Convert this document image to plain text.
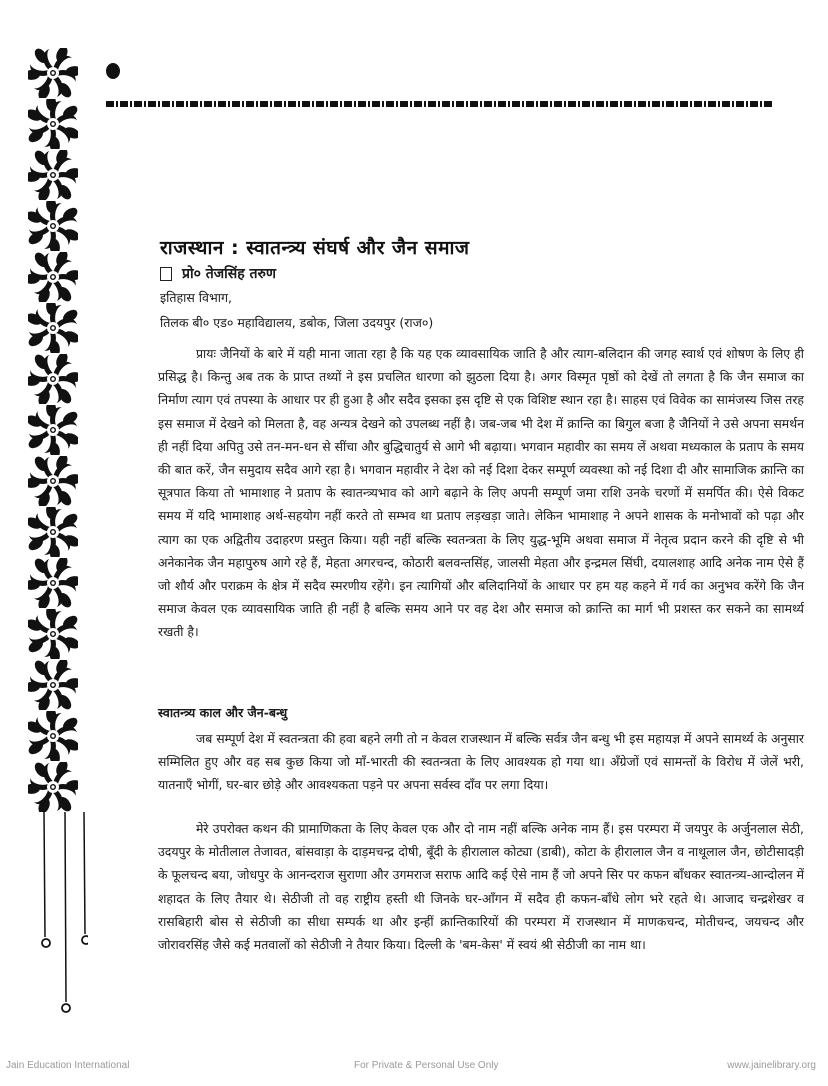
राजस्थान : स्वातन्त्र्य संघर्ष और जैन समाज
प्रो० तेजसिंह तरुण
इतिहास विभाग,
तिलक बी० एड० महाविद्यालय, डबोक, जिला उदयपुर (राज०)

प्रायः जैनियों के बारे में यही माना जाता रहा है कि यह एक व्यावसायिक जाति है और त्याग-बलिदान की जगह स्वार्थ एवं शोषण के लिए ही प्रसिद्ध है। किन्तु अब तक के प्राप्त तथ्यों ने इस प्रचलित धारणा को झुठला दिया है। अगर विस्मृत पृष्ठों को देखें तो लगता है कि जैन समाज का निर्माण त्याग एवं तपस्या के आधार पर ही हुआ है और सदैव इसका इस दृष्टि से एक विशिष्ट स्थान रहा है। साहस एवं विवेक का सामंजस्य जिस तरह इस समाज में देखने को मिलता है, वह अन्यत्र देखने को उपलब्ध नहीं है। जब-जब भी देश में क्रान्ति का बिगुल बजा है जैनियों ने उसे अपना समर्थन ही नहीं दिया अपितु उसे तन-मन-धन से सींचा और बुद्धिचातुर्य से आगे भी बढ़ाया। भगवान महावीर का समय लें अथवा मध्यकाल के प्रताप के समय की बात करें, जैन समुदाय सदैव आगे रहा है। भगवान महावीर ने देश को नई दिशा देकर सम्पूर्ण व्यवस्था को नई दिशा दी और सामाजिक क्रान्ति का सूत्रपात किया तो भामाशाह ने प्रताप के स्वातन्त्र्यभाव को आगे बढ़ाने के लिए अपनी सम्पूर्ण जमा राशि उनके चरणों में समर्पित की। ऐसे विकट समय में यदि भामाशाह अर्थ-सहयोग नहीं करते तो सम्भव था प्रताप लड़खड़ा जाते। लेकिन भामाशाह ने अपने शासक के मनोभावों को पढ़ा और त्याग का एक अद्वितीय उदाहरण प्रस्तुत किया। यही नहीं बल्कि स्वतन्त्रता के लिए युद्ध-भूमि अथवा समाज में नेतृत्व प्रदान करने की दृष्टि से भी अनेकानेक जैन महापुरुष आगे रहे हैं, मेहता अगरचन्द, कोठारी बलवन्तसिंह, जालसी मेहता और इन्द्रमल सिंघी, दयालशाह आदि अनेक नाम ऐसे हैं जो शौर्य और पराक्रम के क्षेत्र में सदैव स्मरणीय रहेंगे। इन त्यागियों और बलिदानियों के आधार पर हम यह कहने में गर्व का अनुभव करेंगे कि जैन समाज केवल एक व्यावसायिक जाति ही नहीं है बल्कि समय आने पर वह देश और समाज को क्रान्ति का मार्ग भी प्रशस्त कर सकने का सामर्थ्य रखती है।

स्वातन्त्र्य काल और जैन-बन्धु

जब सम्पूर्ण देश में स्वतन्त्रता की हवा बहने लगी तो न केवल राजस्थान में बल्कि सर्वत्र जैन बन्धु भी इस महायज्ञ में अपने सामर्थ्य के अनुसार सम्मिलित हुए और वह सब कुछ किया जो माँ-भारती की स्वतन्त्रता के लिए आवश्यक हो गया था। अँग्रेजों एवं सामन्तों के विरोध में जेलें भरी, यातनाएँ भोगीं, घर-बार छोड़े और आवश्यकता पड़ने पर अपना सर्वस्व दाँव पर लगा दिया।

मेरे उपरोक्त कथन की प्रामाणिकता के लिए केवल एक और दो नाम नहीं बल्कि अनेक नाम हैं। इस परम्परा में जयपुर के अर्जुनलाल सेठी, उदयपुर के मोतीलाल तेजावत, बांसवाड़ा के दाड़मचन्द्र दोषी, बूँदी के हीरालाल कोट्या (डाबी), कोटा के हीरालाल जैन व नाथूलाल जैन, छोटीसादड़ी के फूलचन्द बया, जोधपुर के आनन्दराज सुराणा और उगमराज सराफ आदि कई ऐसे नाम हैं जो अपने सिर पर कफन बाँधकर स्वातन्त्र्य-आन्दोलन में शहादत के लिए तैयार थे। सेठीजी तो वह राष्ट्रीय हस्ती थी जिनके घर-आँगन में सदैव ही कफन-बाँधे लोग भरे रहते थे। आजाद चन्द्रशेखर व रासबिहारी बोस से सेठीजी का सीधा सम्पर्क था और इन्हीं क्रान्तिकारियों की परम्परा में राजस्थान में माणकचन्द, मोतीचन्द, जयचन्द और जोरावरसिंह जैसे कई मतवालों को सेठीजी ने तैयार किया। दिल्ली के 'बम-केस' में स्वयं श्री सेठीजी का नाम था।

Jain Education International	For Private & Personal Use Only	www.jainelibrary.org
